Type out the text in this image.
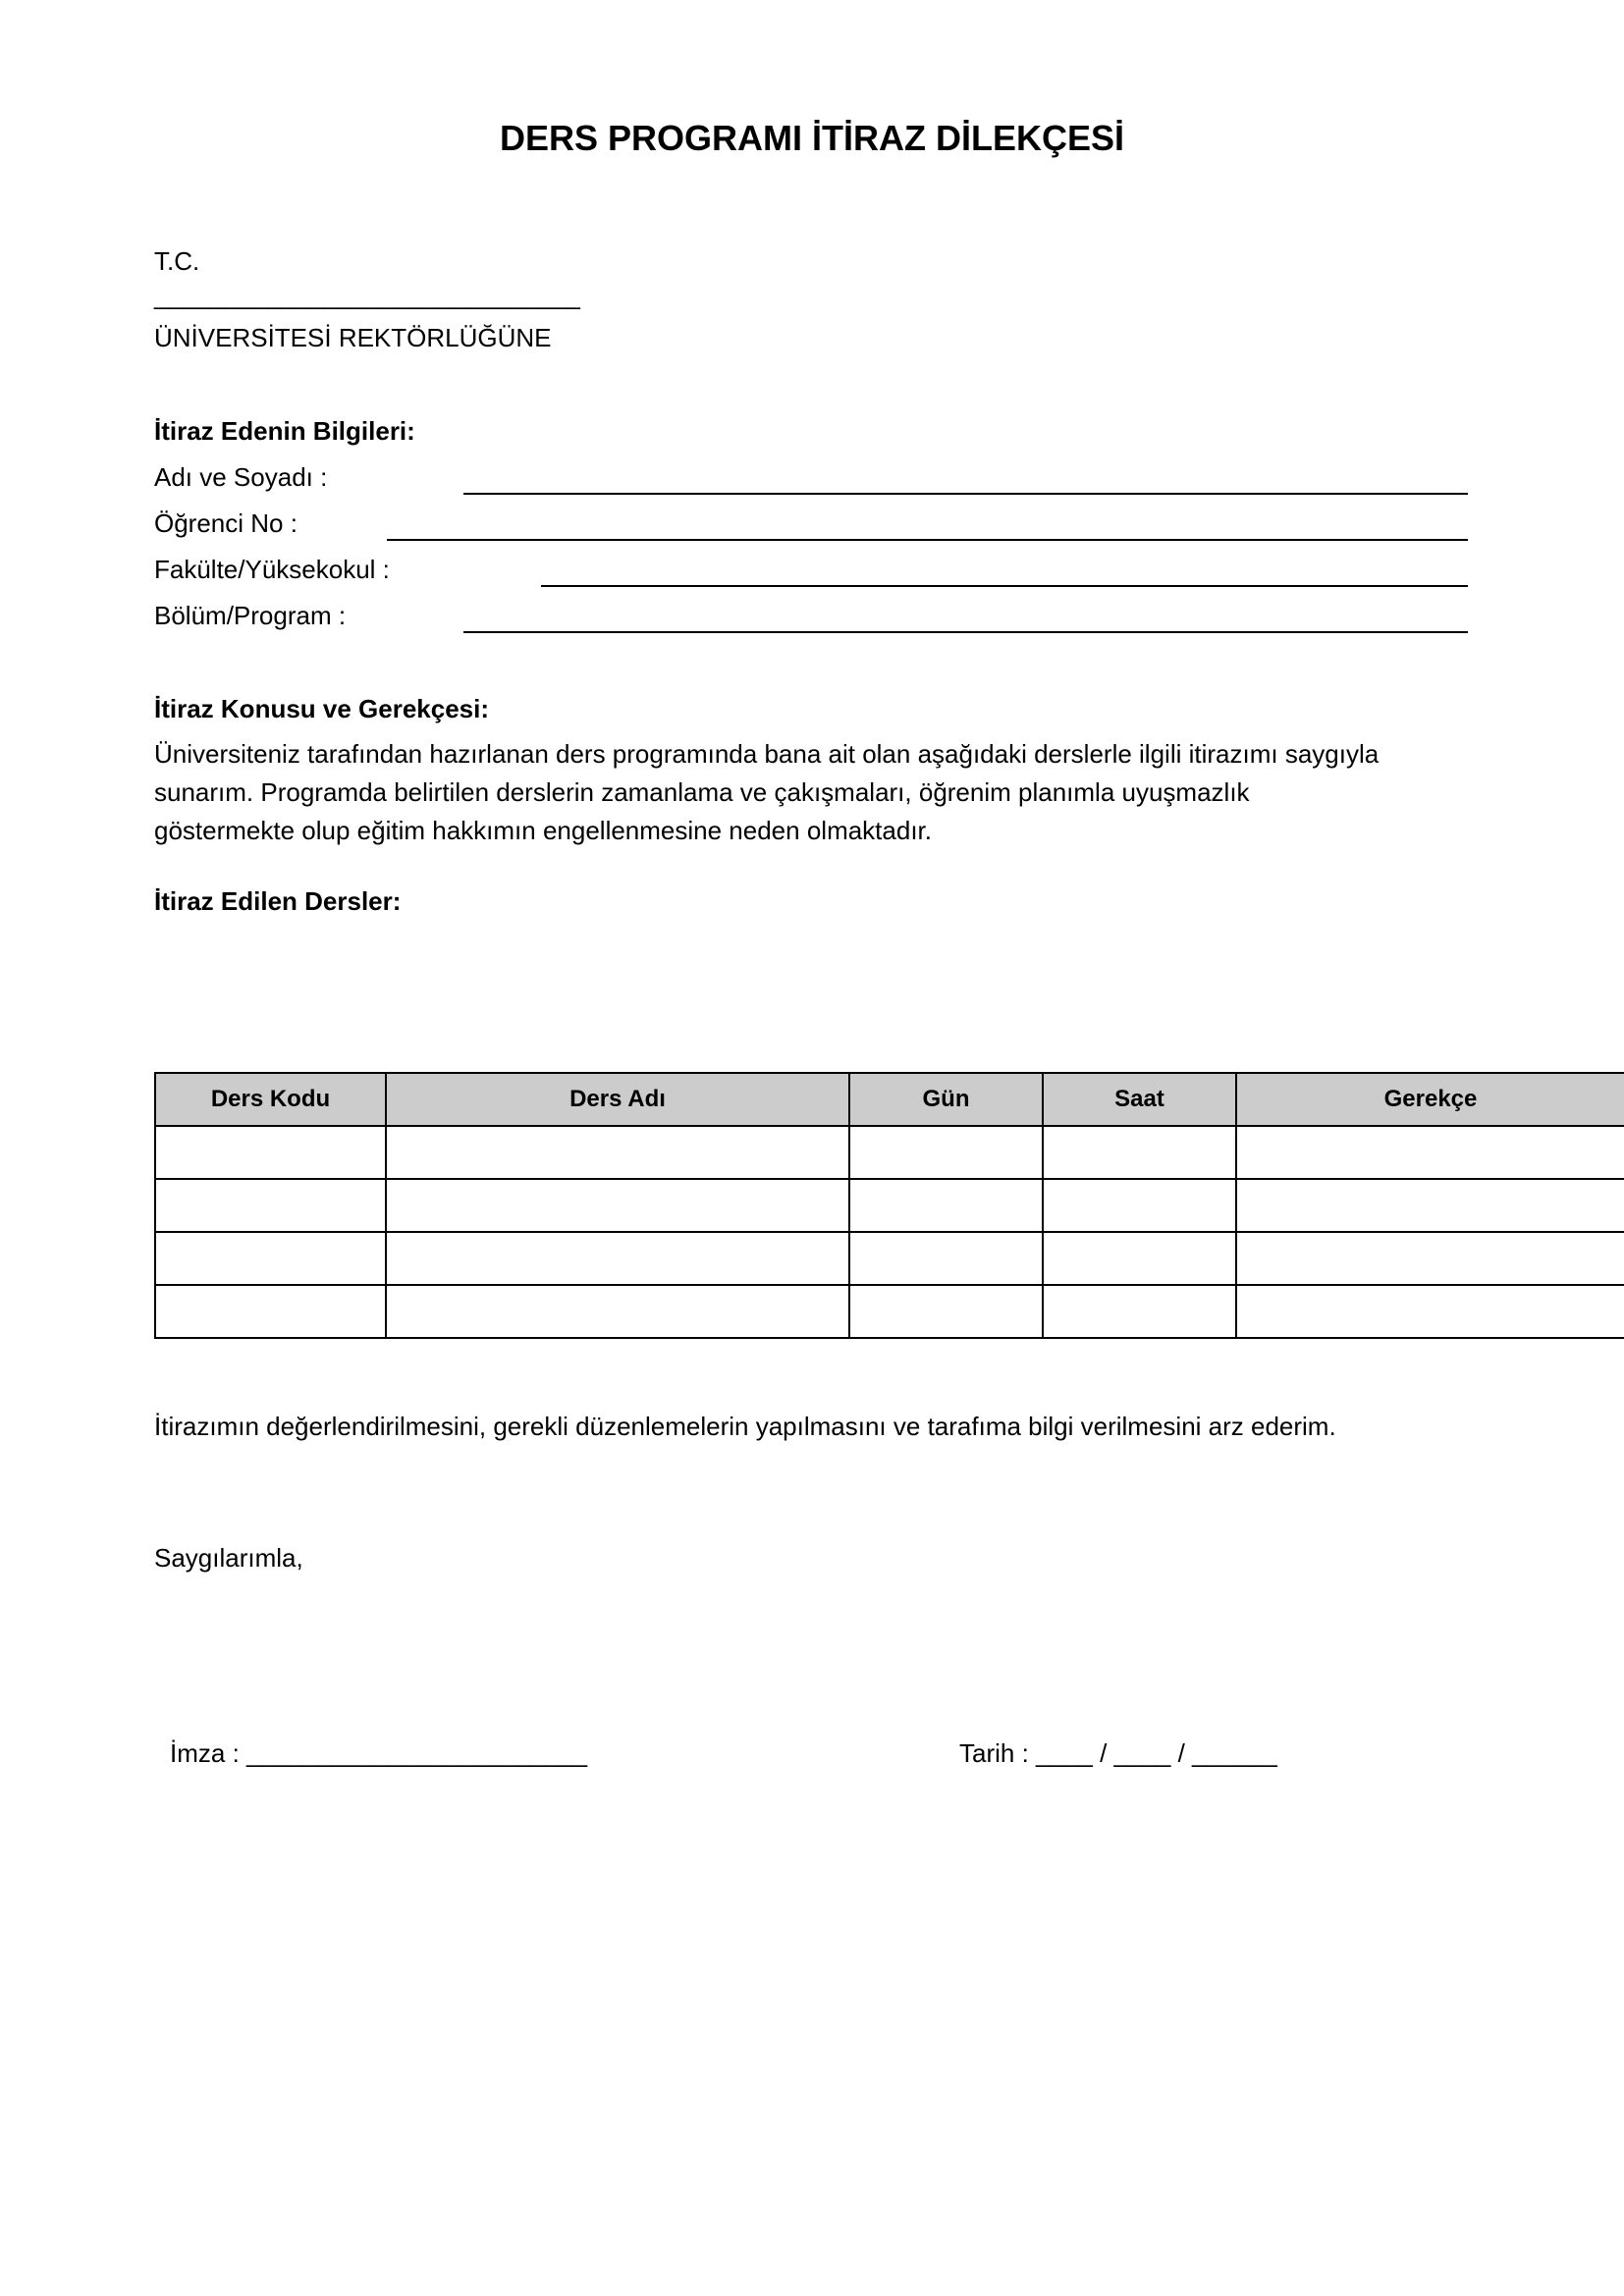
DERS PROGRAMI İTİRAZ DİLEKÇESİ
T.C.
______________________________
ÜNİVERSİTESİ REKTÖRLÜĞÜNE
İtiraz Edenin Bilgileri:
Adı ve Soyadı :
Öğrenci No :
Fakülte/Yüksekokul :
Bölüm/Program :
İtiraz Konusu ve Gerekçesi:
Üniversiteniz tarafından hazırlanan ders programında bana ait olan aşağıdaki derslerle ilgili itirazımı saygıyla
sunarım. Programda belirtilen derslerin zamanlama ve çakışmaları, öğrenim planımla uyuşmazlık
göstermekte olup eğitim hakkımın engellenmesine neden olmaktadır.
İtiraz Edilen Dersler:
Ders Kodu	Ders Adı	Gün	Saat	Gerekçe

İtirazımın değerlendirilmesini, gerekli düzenlemelerin yapılmasını ve tarafıma bilgi verilmesini arz ederim.
Saygılarımla,
İmza : ________________________	Tarih : ____ / ____ / ______
